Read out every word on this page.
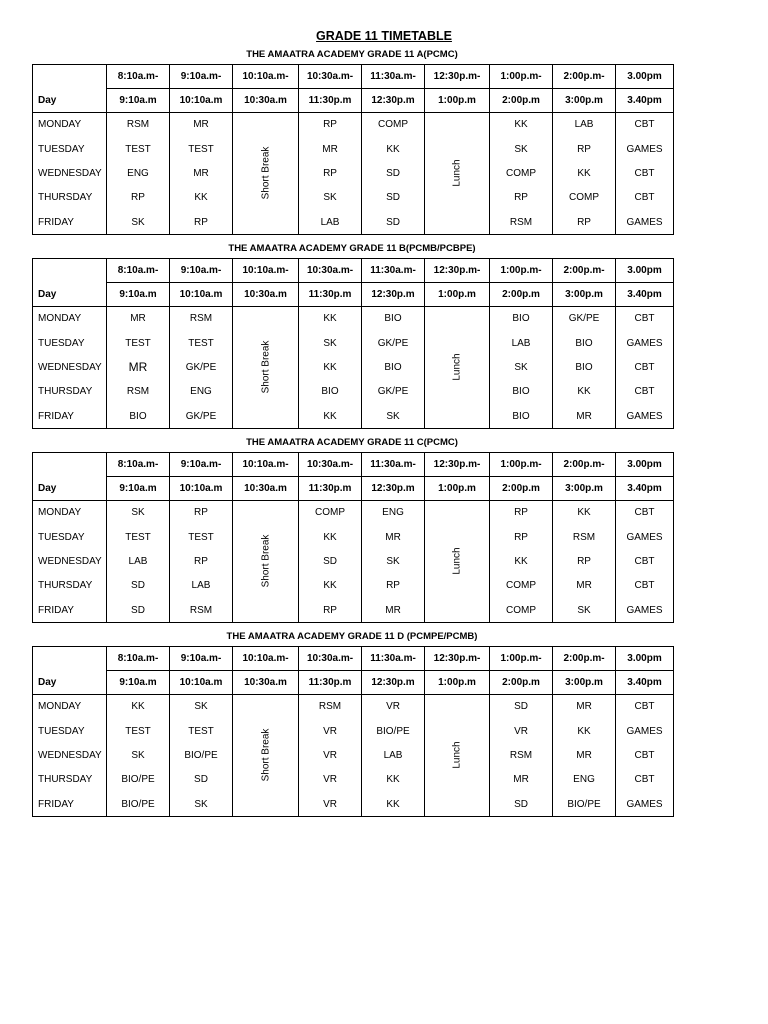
GRADE 11 TIMETABLE
THE AMAATRA ACADEMY GRADE 11 A(PCMC)
	8:10a.m-	9:10a.m-	10:10a.m-	10:30a.m-	11:30a.m-	12:30p.m-	1:00p.m-	2:00p.m-	3.00pm
Day	9:10a.m	10:10a.m	10:30a.m	11:30p.m	12:30p.m	1:00p.m	2:00p.m	3:00p.m	3.40pm
MONDAY	RSM	MR	Short Break	RP	COMP	Lunch	KK	LAB	CBT
TUESDAY	TEST	TEST		MR	KK		SK	RP	GAMES
WEDNESDAY	ENG	MR		RP	SD		COMP	KK	CBT
THURSDAY	RP	KK		SK	SD		RP	COMP	CBT
FRIDAY	SK	RP		LAB	SD		RSM	RP	GAMES
THE AMAATRA ACADEMY GRADE 11 B(PCMB/PCBPE)
	8:10a.m-	9:10a.m-	10:10a.m-	10:30a.m-	11:30a.m-	12:30p.m-	1:00p.m-	2:00p.m-	3.00pm
Day	9:10a.m	10:10a.m	10:30a.m	11:30p.m	12:30p.m	1:00p.m	2:00p.m	3:00p.m	3.40pm
MONDAY	MR	RSM	Short Break	KK	BIO	Lunch	BIO	GK/PE	CBT
TUESDAY	TEST	TEST		SK	GK/PE		LAB	BIO	GAMES
WEDNESDAY	MR	GK/PE		KK	BIO		SK	BIO	CBT
THURSDAY	RSM	ENG		BIO	GK/PE		BIO	KK	CBT
FRIDAY	BIO	GK/PE		KK	SK		BIO	MR	GAMES
THE AMAATRA ACADEMY GRADE 11 C(PCMC)
	8:10a.m-	9:10a.m-	10:10a.m-	10:30a.m-	11:30a.m-	12:30p.m-	1:00p.m-	2:00p.m-	3.00pm
Day	9:10a.m	10:10a.m	10:30a.m	11:30p.m	12:30p.m	1:00p.m	2:00p.m	3:00p.m	3.40pm
MONDAY	SK	RP	Short Break	COMP	ENG	Lunch	RP	KK	CBT
TUESDAY	TEST	TEST		KK	MR		RP	RSM	GAMES
WEDNESDAY	LAB	RP		SD	SK		KK	RP	CBT
THURSDAY	SD	LAB		KK	RP		COMP	MR	CBT
FRIDAY	SD	RSM		RP	MR		COMP	SK	GAMES
THE AMAATRA ACADEMY GRADE 11 D (PCMPE/PCMB)
	8:10a.m-	9:10a.m-	10:10a.m-	10:30a.m-	11:30a.m-	12:30p.m-	1:00p.m-	2:00p.m-	3.00pm
Day	9:10a.m	10:10a.m	10:30a.m	11:30p.m	12:30p.m	1:00p.m	2:00p.m	3:00p.m	3.40pm
MONDAY	KK	SK	Short Break	RSM	VR	Lunch	SD	MR	CBT
TUESDAY	TEST	TEST		VR	BIO/PE		VR	KK	GAMES
WEDNESDAY	SK	BIO/PE		VR	LAB		RSM	MR	CBT
THURSDAY	BIO/PE	SD		VR	KK		MR	ENG	CBT
FRIDAY	BIO/PE	SK		VR	KK		SD	BIO/PE	GAMES
